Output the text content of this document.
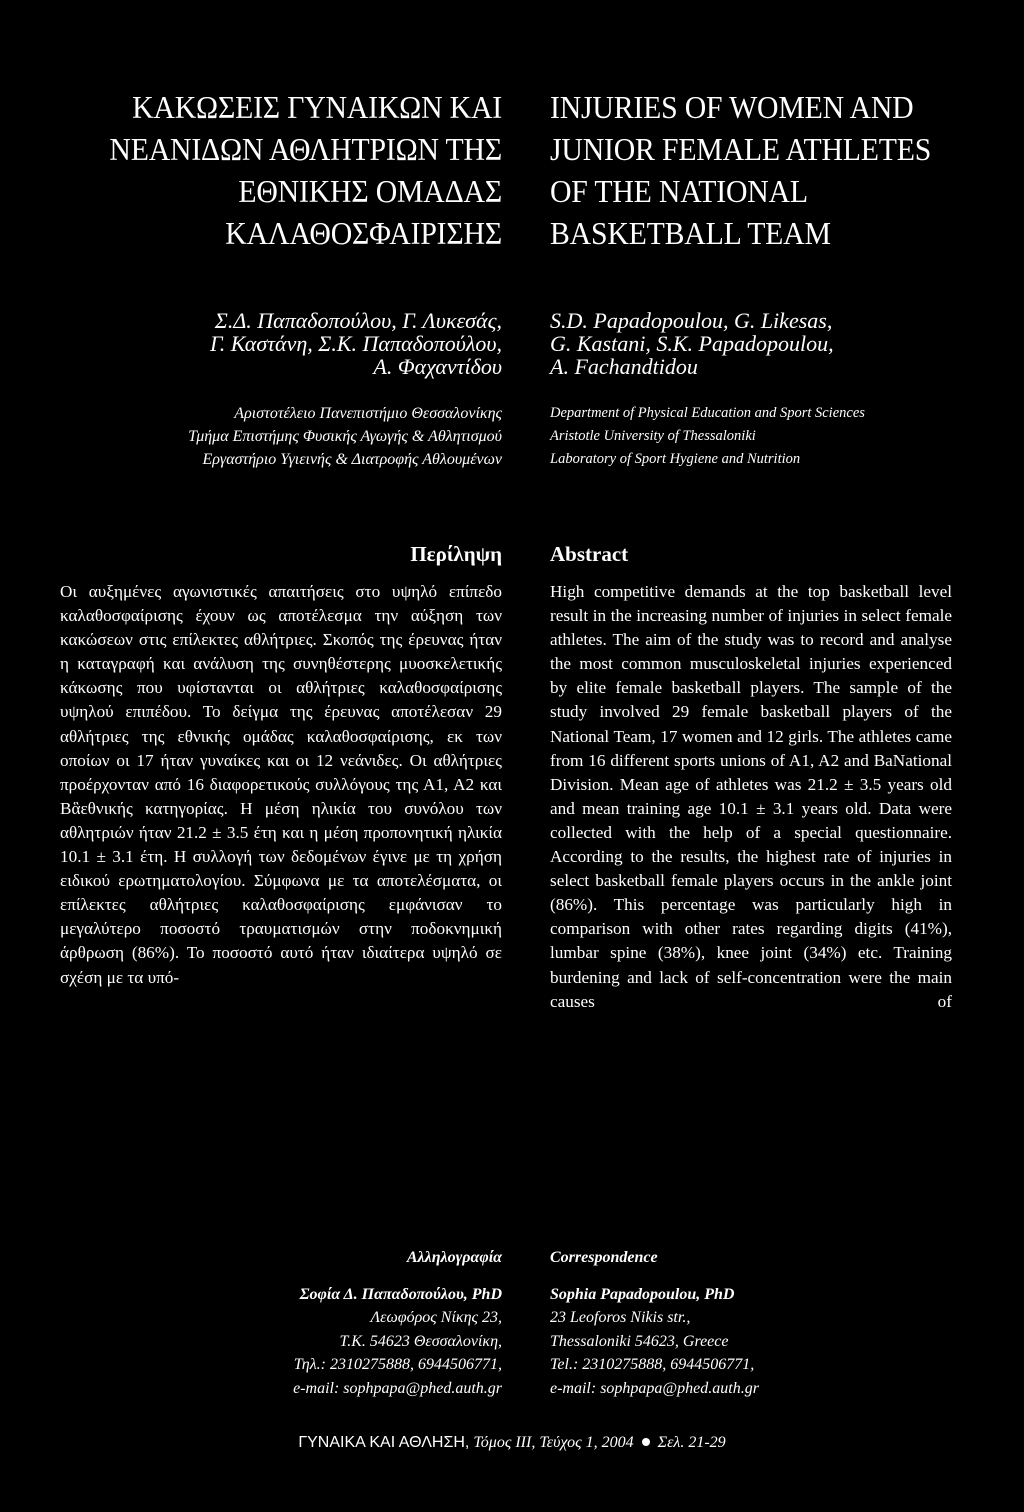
ΚΑΚΩΣΕΙΣ ΓΥΝΑΙΚΩΝ ΚΑΙ
ΝΕΑΝΙΔΩΝ ΑΘΛΗΤΡΙΩΝ ΤΗΣ
ΕΘΝΙΚΗΣ ΟΜΑΔΑΣ
ΚΑΛΑΘΟΣΦΑΙΡΙΣΗΣ
INJURIES OF WOMEN AND
JUNIOR FEMALE ATHLETES
OF THE NATIONAL
BASKETBALL TEAM
Σ.Δ. Παπαδοπούλου, Γ. Λυκεσάς,
Γ. Καστάνη, Σ.Κ. Παπαδοπούλου,
Α. Φαχαντίδου
S.D. Papadopoulou, G. Likesas,
G. Kastani, S.K. Papadopoulou,
A. Fachandtidou
Αριστοτέλειο Πανεπιστήμιο Θεσσαλονίκης
Τμήμα Επιστήμης Φυσικής Αγωγής & Αθλητισμού
Εργαστήριο Υγιεινής & Διατροφής Αθλουμένων
Department of Physical Education and Sport Sciences
Aristotle University of Thessaloniki
Laboratory of Sport Hygiene and Nutrition
Περίληψη Abstract

Οι αυξημένες αγωνιστικές απαιτήσεις στο υψηλό επίπεδο καλαθοσφαίρισης έχουν ως αποτέλεσμα την αύξηση των κακώσεων στις επίλεκτες αθλήτριες. Σκοπός της έρευνας ήταν η καταγραφή και ανάλυση της συνηθέστερης μυοσκελετικής κάκωσης που υφίστανται οι αθλήτριες καλαθοσφαίρισης υψηλού επιπέδου. Το δείγμα της έρευνας αποτέλεσαν 29 αθλήτριες της εθνικής ομάδας καλαθοσφαίρισης, εκ των οποίων οι 17 ήταν γυναίκες και οι 12 νεάνιδες. Οι αθλήτριες προέρχονταν από 16 διαφορετικούς συλλόγους της Α1, Α2 και Bἃεθνικής κατηγορίας. Η μέση ηλικία του συνόλου των αθλητριών ήταν 21.2 ± 3.5 έτη και η μέση προπονητική ηλικία 10.1 ± 3.1 έτη. Η συλλογή των δεδομένων έγινε με τη χρήση ειδικού ερωτηματολογίου. Σύμφωνα με τα αποτελέσματα, οι επίλεκτες αθλήτριες καλαθοσφαίρισης εμφάνισαν το μεγαλύτερο ποσοστό τραυματισμών στην ποδοκνημική άρθρωση (86%). Το ποσοστό αυτό ήταν ιδιαίτερα υψηλό σε σχέση με τα υπό-

High competitive demands at the top basketball level result in the increasing number of injuries in select female athletes. The aim of the study was to record and analyse the most common musculoskeletal injuries experienced by elite female basketball players. The sample of the study involved 29 female basketball players of the National Team, 17 women and 12 girls. The athletes came from 16 different sports unions of A1, A2 and BaNational Division. Mean age of athletes was 21.2 ± 3.5 years old and mean training age 10.1 ± 3.1 years old. Data were collected with the help of a special questionnaire. According to the results, the highest rate of injuries in select basketball female players occurs in the ankle joint (86%). This percentage was particularly high in comparison with other rates regarding digits (41%), lumbar spine (38%), knee joint (34%) etc. Training burdening and lack of self-concentration were the main causes of

Αλληλογραφία
Σοφία Δ. Παπαδοπούλου, PhD
Λεωφόρος Νίκης 23,
Τ.Κ. 54623 Θεσσαλονίκη,
Τηλ.: 2310275888, 6944506771,
e-mail: sophpapa@phed.auth.gr
Correspondence
Sophia Papadopoulou, PhD
23 Leoforos Nikis str.,
Thessaloniki 54623, Greece
Tel.: 2310275888, 6944506771,
e-mail: sophpapa@phed.auth.gr
ΓΥΝΑΙΚΑ ΚΑΙ ΑΘΛΗΣΗ, Τόμος III, Τεύχος 1, 2004 Σελ. 21-29
